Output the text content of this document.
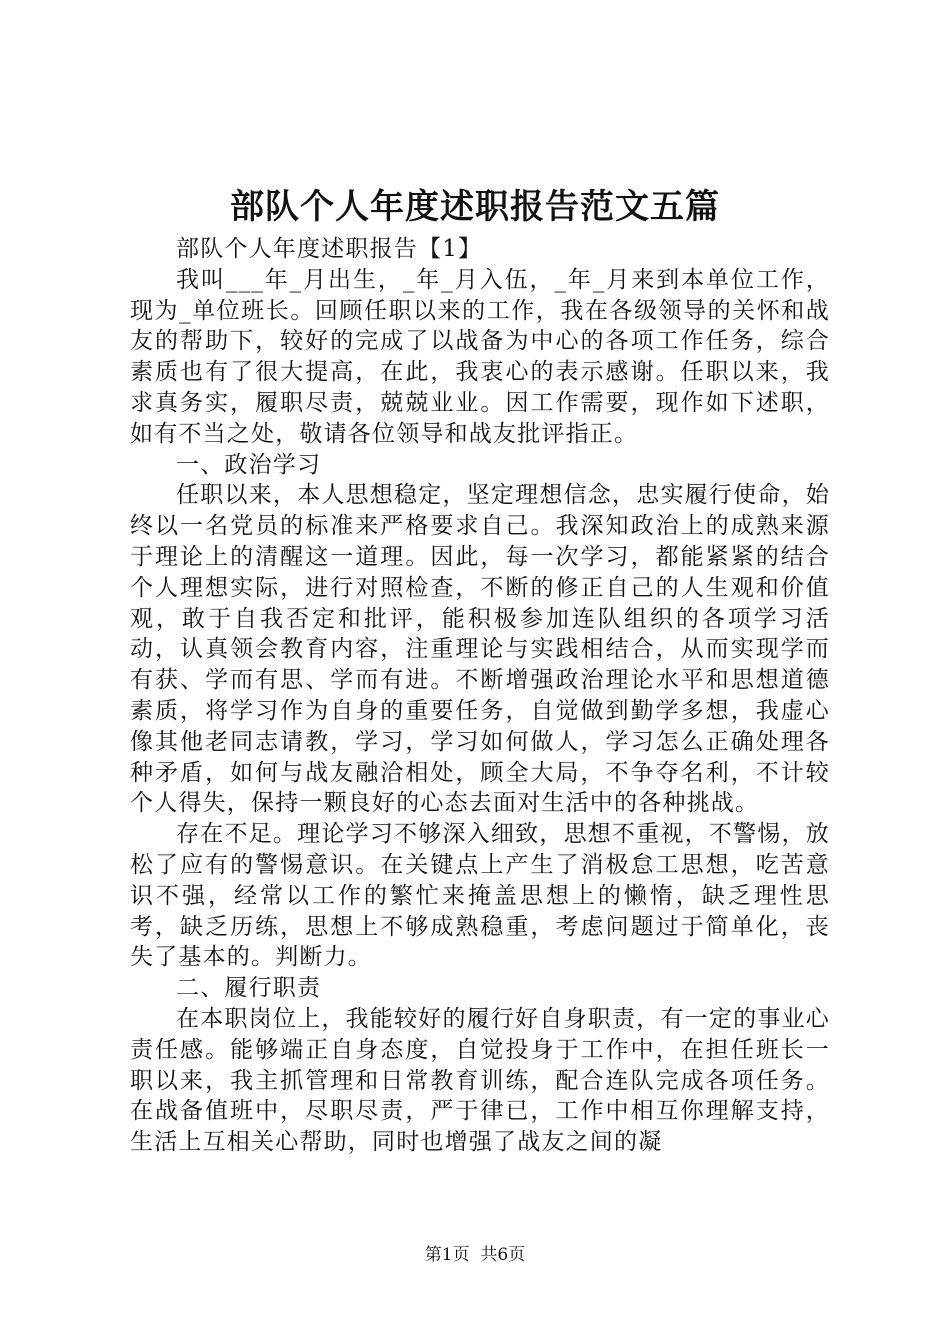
部队个人年度述职报告范文五篇

部队个人年度述职报告【1】

我叫___年_月出生，_年_月入伍，_年_月来到本单位工作，现为_单位班长。回顾任职以来的工作，我在各级领导的关怀和战友的帮助下，较好的完成了以战备为中心的各项工作任务，综合素质也有了很大提高，在此，我衷心的表示感谢。任职以来，我求真务实，履职尽责，兢兢业业。因工作需要，现作如下述职，如有不当之处，敬请各位领导和战友批评指正。

一、政治学习

任职以来，本人思想稳定，坚定理想信念，忠实履行使命，始终以一名党员的标准来严格要求自己。我深知政治上的成熟来源于理论上的清醒这一道理。因此，每一次学习，都能紧紧的结合个人理想实际，进行对照检查，不断的修正自己的人生观和价值观，敢于自我否定和批评，能积极参加连队组织的各项学习活动，认真领会教育内容，注重理论与实践相结合，从而实现学而有获、学而有思、学而有进。不断增强政治理论水平和思想道德素质，将学习作为自身的重要任务，自觉做到勤学多想，我虚心像其他老同志请教，学习，学习如何做人，学习怎么正确处理各种矛盾，如何与战友融洽相处，顾全大局，不争夺名利，不计较个人得失，保持一颗良好的心态去面对生活中的各种挑战。

存在不足。理论学习不够深入细致，思想不重视，不警惕，放松了应有的警惕意识。在关键点上产生了消极怠工思想，吃苦意识不强，经常以工作的繁忙来掩盖思想上的懒惰，缺乏理性思考，缺乏历练，思想上不够成熟稳重，考虑问题过于简单化，丧失了基本的。判断力。

二、履行职责

在本职岗位上，我能较好的履行好自身职责，有一定的事业心责任感。能够端正自身态度，自觉投身于工作中，在担任班长一职以来，我主抓管理和日常教育训练，配合连队完成各项任务。在战备值班中，尽职尽责，严于律已，工作中相互你理解支持，生活上互相关心帮助，同时也增强了战友之间的凝

第1页 共6页
